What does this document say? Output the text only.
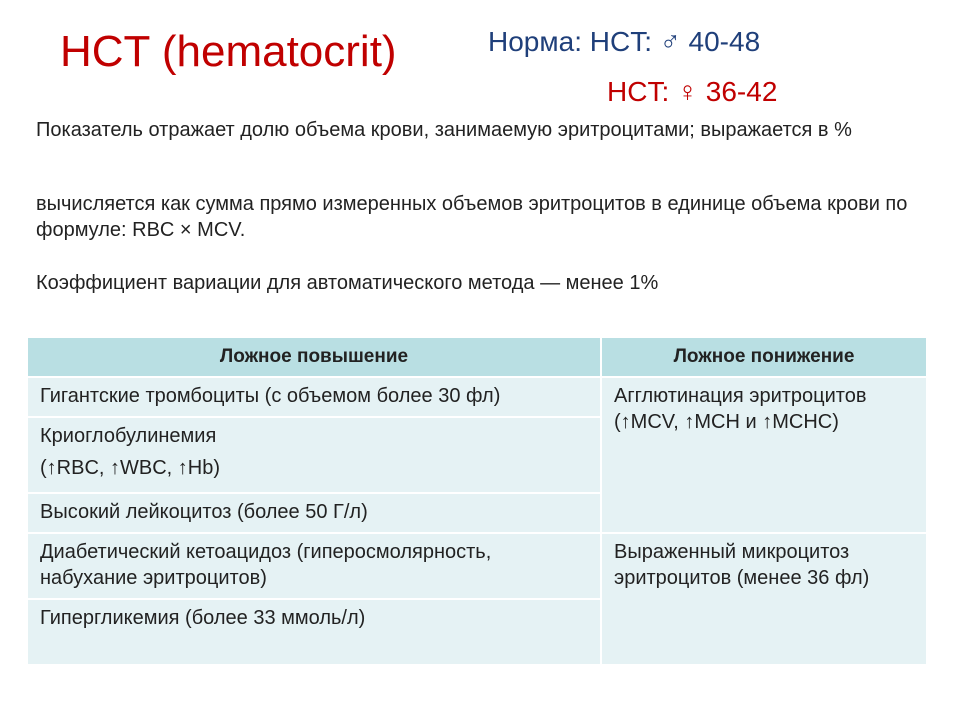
HCT (hematocrit)	Норма: HCT: ♂ 40-48
HCT: ♀ 36-42
Показатель отражает долю объема крови, занимаемую эритроцитами; выражается в %
вычисляется как сумма прямо измеренных объемов эритроцитов в единице объема крови по формуле: RBC × MCV.
Коэффициент вариации для автоматического метода — менее 1%
Ложное повышение	Ложное понижение

Гигантские тромбоциты (с объемом более 30 фл)	Агглютинация эритроцитов (↑MCV, ↑MCH и ↑MCHC)

Криоглобулинемия
(↑RBC, ↑WBC, ↑Hb)	

Высокий лейкоцитоз (более 50 Г/л)	

Диабетический кетоацидоз (гиперосмолярность, набухание эритроцитов)	Выраженный микроцитоз эритроцитов (менее 36 фл)

Гипергликемия (более 33 ммоль/л)	
